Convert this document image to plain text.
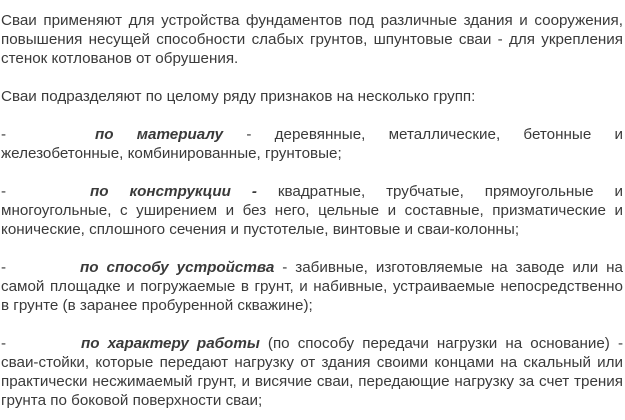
Сваи применяют для устройства фундаментов под различные здания и сооружения, повышения несущей способности слабых грунтов, шпунтовые сваи - для укрепления стенок котлованов от обрушения.

Сваи подразделяют по целому ряду признаков на несколько групп:

-	по материалу - деревянные, металлические, бетонные и железобетонные, комбинированные, грунтовые;

-	по конструкции - квадратные, трубчатые, прямоугольные и многоугольные, с уширением и без него, цельные и составные, призматические и конические, сплошного сечения и пустотелые, винтовые и сваи-колонны;

-	по способу устройства - забивные, изготовляемые на заводе или на самой площадке и погружаемые в грунт, и набивные, устраиваемые непосредственно в грунте (в заранее пробуренной скважине);

-	по характеру работы (по способу передачи нагрузки на основание) - сваи-стойки, которые передают нагрузку от здания своими концами на скальный или практически несжимаемый грунт, и висячие сваи, передающие нагрузку за счет трения грунта по боковой поверхности сваи;
